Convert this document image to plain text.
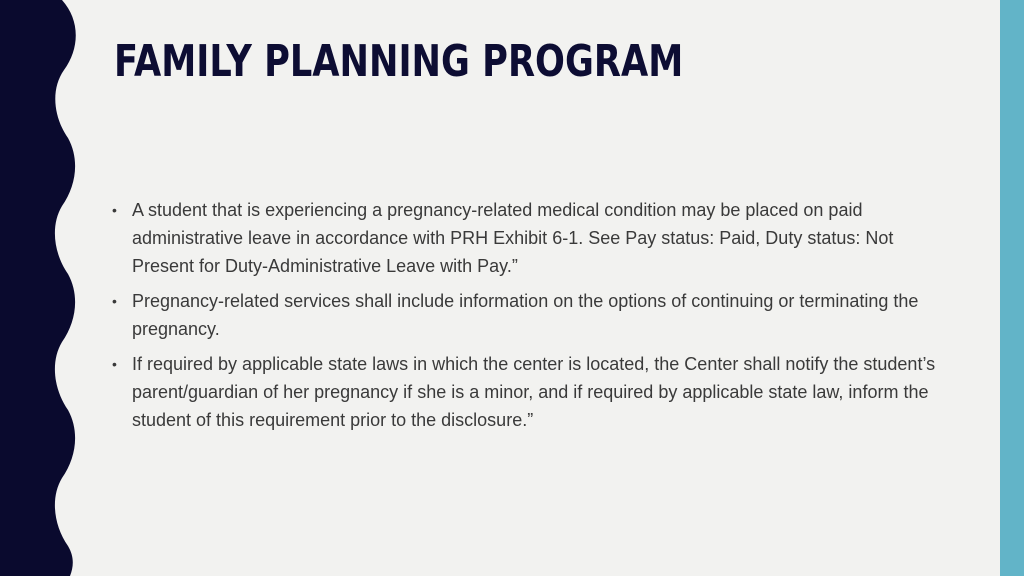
FAMILY PLANNING PROGRAM
• A student that is experiencing a pregnancy-related medical condition may be placed on paid administrative leave in accordance with PRH Exhibit 6-1. See Pay status: Paid, Duty status: Not Present for Duty-Administrative Leave with Pay.”
• Pregnancy-related services shall include information on the options of continuing or terminating the pregnancy.
• If required by applicable state laws in which the center is located, the Center shall notify the student’s parent/guardian of her pregnancy if she is a minor, and if required by applicable state law, inform the student of this requirement prior to the disclosure.”
